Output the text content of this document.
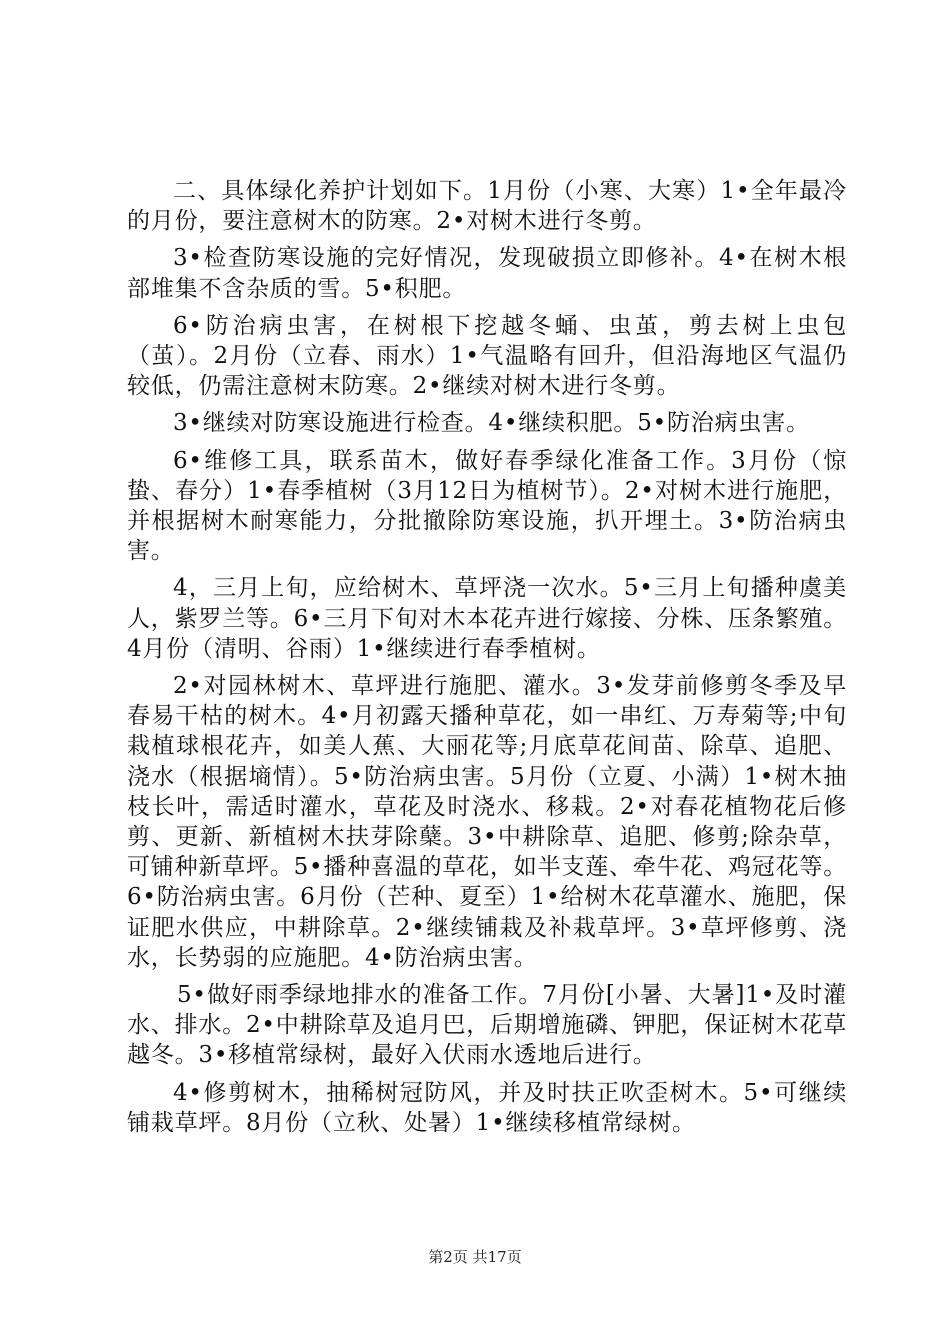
二、具体绿化养护计划如下。1月份（小寒、大寒）1•全年最冷的月份，要注意树木的防寒。2•对树木进行冬剪。

3•检查防寒设施的完好情况，发现破损立即修补。4•在树木根部堆集不含杂质的雪。5•积肥。

6•防治病虫害，在树根下挖越冬蛹、虫茧，剪去树上虫包（茧）。2月份（立春、雨水）1•气温略有回升，但沿海地区气温仍较低，仍需注意树末防寒。2•继续对树木进行冬剪。

3•继续对防寒设施进行检查。4•继续积肥。5•防治病虫害。

6•维修工具，联系苗木，做好春季绿化准备工作。3月份（惊蛰、春分）1•春季植树（3月12日为植树节）。2•对树木进行施肥，并根据树木耐寒能力，分批撤除防寒设施，扒开埋土。3•防治病虫害。

4，三月上旬，应给树木、草坪浇一次水。5•三月上旬播种虞美人，紫罗兰等。6•三月下旬对木本花卉进行嫁接、分株、压条繁殖。4月份（清明、谷雨）1•继续进行春季植树。

2•对园林树木、草坪进行施肥、灌水。3•发芽前修剪冬季及早春易干枯的树木。4•月初露天播种草花，如一串红、万寿菊等;中旬栽植球根花卉，如美人蕉、大丽花等;月底草花间苗、除草、追肥、浇水（根据墒情）。5•防治病虫害。5月份（立夏、小满）1•树木抽枝长叶，需适时灌水，草花及时浇水、移栽。2•对春花植物花后修剪、更新、新植树木扶芽除蘖。3•中耕除草、追肥、修剪;除杂草，可铺种新草坪。5•播种喜温的草花，如半支莲、牵牛花、鸡冠花等。6•防治病虫害。6月份（芒种、夏至）1•给树木花草灌水、施肥，保证肥水供应，中耕除草。2•继续铺栽及补栽草坪。3•草坪修剪、浇水，长势弱的应施肥。4•防治病虫害。

5•做好雨季绿地排水的准备工作。7月份[小暑、大暑]1•及时灌水、排水。2•中耕除草及追月巴，后期增施磷、钾肥，保证树木花草越冬。3•移植常绿树，最好入伏雨水透地后进行。

4•修剪树木，抽稀树冠防风，并及时扶正吹歪树木。5•可继续铺栽草坪。8月份（立秋、处暑）1•继续移植常绿树。

第2页 共17页
